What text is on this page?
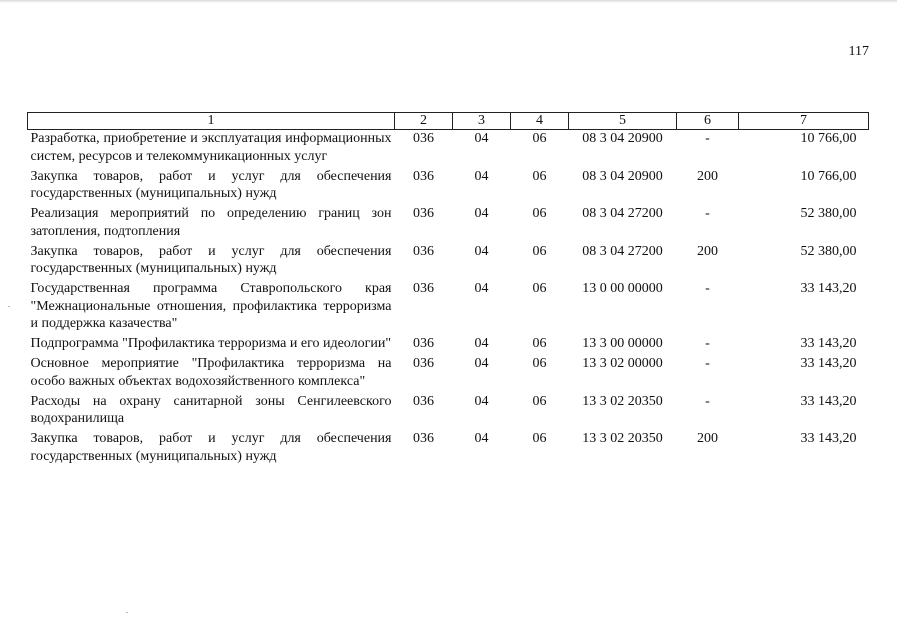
117
1	2	3	4	5	6	7
Разработка, приобретение и эксплуатация информационных систем, ресурсов и телекоммуникационных услуг	036	04	06	08 3 04 20900	-	10 766,00
Закупка товаров, работ и услуг для обеспечения государственных (муниципальных) нужд	036	04	06	08 3 04 20900	200	10 766,00
Реализация мероприятий по определению границ зон затопления, подтопления	036	04	06	08 3 04 27200	-	52 380,00
Закупка товаров, работ и услуг для обеспечения государственных (муниципальных) нужд	036	04	06	08 3 04 27200	200	52 380,00
Государственная программа Ставропольского края "Межнациональные отношения, профилактика терроризма и поддержка казачества"	036	04	06	13 0 00 00000	-	33 143,20
Подпрограмма "Профилактика терроризма и его идеологии"	036	04	06	13 3 00 00000	-	33 143,20
Основное мероприятие "Профилактика терроризма на особо важных объектах водохозяйственного комплекса"	036	04	06	13 3 02 00000	-	33 143,20
Расходы на охрану санитарной зоны Сенгилеевского водохранилища	036	04	06	13 3 02 20350	-	33 143,20
Закупка товаров, работ и услуг для обеспечения государственных (муниципальных) нужд	036	04	06	13 3 02 20350	200	33 143,20
